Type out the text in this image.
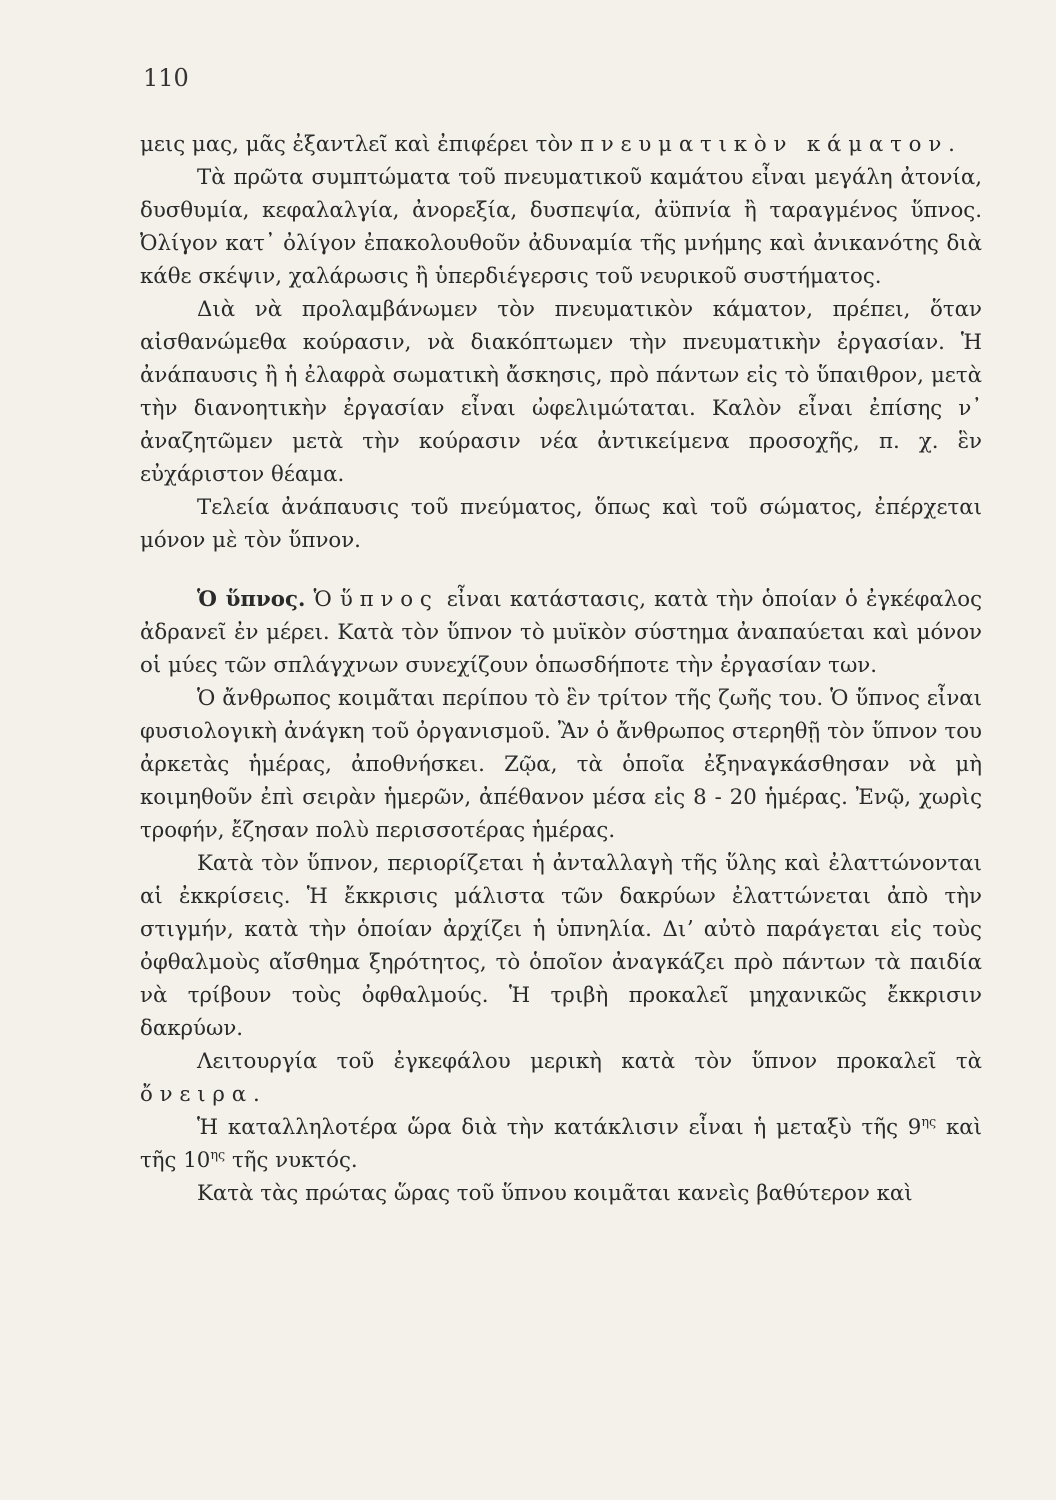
110

μεις μας, μᾶς ἐξαντλεῖ καὶ ἐπιφέρει τὸν πνευματικὸν κάματον.

Τὰ πρῶτα συμπτώματα τοῦ πνευματικοῦ καμάτου εἶναι μεγάλη ἀτονία, δυσθυμία, κεφαλαλγία, ἀνορεξία, δυσπεψία, ἀϋπνία ἢ ταραγμένος ὕπνος. Ὀλίγον κατ᾽ ὀλίγον ἐπακολουθοῦν ἀδυναμία τῆς μνήμης καὶ ἀνικανότης διὰ κάθε σκέψιν, χαλάρωσις ἢ ὑπερδιέγερσις τοῦ νευρικοῦ συστήματος.

Διὰ νὰ προλαμβάνωμεν τὸν πνευματικὸν κάματον, πρέπει, ὅταν αἰσθανώμεθα κούρασιν, νὰ διακόπτωμεν τὴν πνευματικὴν ἐργασίαν. Ἡ ἀνάπαυσις ἢ ἡ ἐλαφρὰ σωματικὴ ἄσκησις, πρὸ πάντων εἰς τὸ ὕπαιθρον, μετὰ τὴν διανοητικὴν ἐργασίαν εἶναι ὠφελιμώταται. Καλὸν εἶναι ἐπίσης ν᾽ ἀναζητῶμεν μετὰ τὴν κούρασιν νέα ἀντικείμενα προσοχῆς, π. χ. ἓν εὐχάριστον θέαμα.

Τελεία ἀνάπαυσις τοῦ πνεύματος, ὅπως καὶ τοῦ σώματος, ἐπέρχεται μόνον μὲ τὸν ὕπνον.

Ὁ ὕπνος. Ὁ ὕπνος εἶναι κατάστασις, κατὰ τὴν ὁποίαν ὁ ἐγκέφαλος ἀδρανεῖ ἐν μέρει. Κατὰ τὸν ὕπνον τὸ μυϊκὸν σύστημα ἀναπαύεται καὶ μόνον οἱ μύες τῶν σπλάγχνων συνεχίζουν ὁπωσδήποτε τὴν ἐργασίαν των.

Ὁ ἄνθρωπος κοιμᾶται περίπου τὸ ἓν τρίτον τῆς ζωῆς του. Ὁ ὕπνος εἶναι φυσιολογικὴ ἀνάγκη τοῦ ὀργανισμοῦ. Ἂν ὁ ἄνθρωπος στερηθῇ τὸν ὕπνον του ἀρκετὰς ἡμέρας, ἀποθνήσκει. Ζῷα, τὰ ὁποῖα ἐξηναγκάσθησαν νὰ μὴ κοιμηθοῦν ἐπὶ σειρὰν ἡμερῶν, ἀπέθανον μέσα εἰς 8 - 20 ἡμέρας. Ἐνῷ, χωρὶς τροφήν, ἔζησαν πολὺ περισσοτέρας ἡμέρας.

Κατὰ τὸν ὕπνον, περιορίζεται ἡ ἀνταλλαγὴ τῆς ὕλης καὶ ἐλαττώνονται αἱ ἐκκρίσεις. Ἡ ἔκκρισις μάλιστα τῶν δακρύων ἐλαττώνεται ἀπὸ τὴν στιγμήν, κατὰ τὴν ὁποίαν ἀρχίζει ἡ ὑπνηλία. Διʼ αὐτὸ παράγεται εἰς τοὺς ὀφθαλμοὺς αἴσθημα ξηρότητος, τὸ ὁποῖον ἀναγκάζει πρὸ πάντων τὰ παιδία νὰ τρίβουν τοὺς ὀφθαλμούς. Ἡ τριβὴ προκαλεῖ μηχανικῶς ἔκκρισιν δακρύων.

Λειτουργία τοῦ ἐγκεφάλου μερικὴ κατὰ τὸν ὕπνον προκαλεῖ τὰ ὄνειρα.

Ἡ καταλληλοτέρα ὥρα διὰ τὴν κατάκλισιν εἶναι ἡ μεταξὺ τῆς $9^{\eta\varsigma}$ καὶ τῆς $10^{\eta\varsigma}$ τῆς νυκτός.

Κατὰ τὰς πρώτας ὥρας τοῦ ὕπνου κοιμᾶται κανεὶς βαθύτερον καὶ
